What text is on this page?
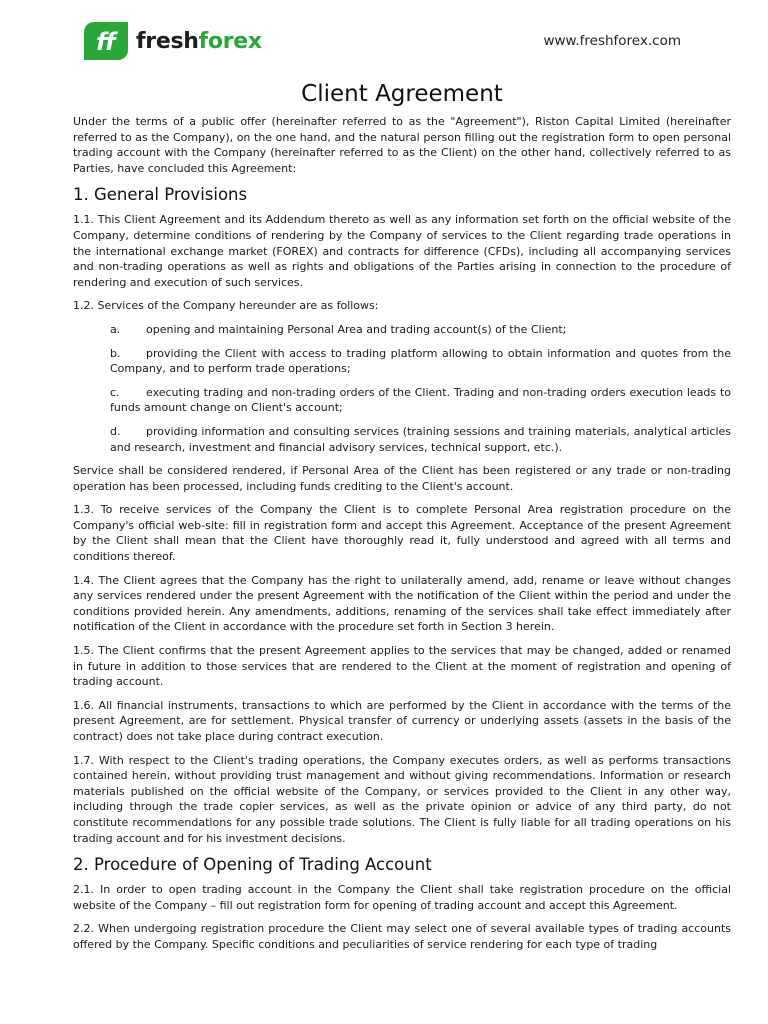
ff freshforex	www.freshforex.com
Client Agreement

Under the terms of a public offer (hereinafter referred to as the "Agreement"), Riston Capital Limited (hereinafter referred to as the Company), on the one hand, and the natural person filling out the registration form to open personal trading account with the Company (hereinafter referred to as the Client) on the other hand, collectively referred to as Parties, have concluded this Agreement:

1. General Provisions

1.1. This Client Agreement and its Addendum thereto as well as any information set forth on the official website of the Company, determine conditions of rendering by the Company of services to the Client regarding trade operations in the international exchange market (FOREX) and contracts for difference (CFDs), including all accompanying services and non-trading operations as well as rights and obligations of the Parties arising in connection to the procedure of rendering and execution of such services.

1.2. Services of the Company hereunder are as follows:

a. opening and maintaining Personal Area and trading account(s) of the Client;
b. providing the Client with access to trading platform allowing to obtain information and quotes from the Company, and to perform trade operations;
c. executing trading and non-trading orders of the Client. Trading and non-trading orders execution leads to funds amount change on Client's account;
d. providing information and consulting services (training sessions and training materials, analytical articles and research, investment and financial advisory services, technical support, etc.).

Service shall be considered rendered, if Personal Area of the Client has been registered or any trade or non-trading operation has been processed, including funds crediting to the Client's account.

1.3. To receive services of the Company the Client is to complete Personal Area registration procedure on the Company's official web-site: fill in registration form and accept this Agreement. Acceptance of the present Agreement by the Client shall mean that the Client have thoroughly read it, fully understood and agreed with all terms and conditions thereof.

1.4. The Client agrees that the Company has the right to unilaterally amend, add, rename or leave without changes any services rendered under the present Agreement with the notification of the Client within the period and under the conditions provided herein. Any amendments, additions, renaming of the services shall take effect immediately after notification of the Client in accordance with the procedure set forth in Section 3 herein.

1.5. The Client confirms that the present Agreement applies to the services that may be changed, added or renamed in future in addition to those services that are rendered to the Client at the moment of registration and opening of trading account.

1.6. All financial instruments, transactions to which are performed by the Client in accordance with the terms of the present Agreement, are for settlement. Physical transfer of currency or underlying assets (assets in the basis of the contract) does not take place during contract execution.

1.7. With respect to the Client's trading operations, the Company executes orders, as well as performs transactions contained herein, without providing trust management and without giving recommendations. Information or research materials published on the official website of the Company, or services provided to the Client in any other way, including through the trade copier services, as well as the private opinion or advice of any third party, do not constitute recommendations for any possible trade solutions. The Client is fully liable for all trading operations on his trading account and for his investment decisions.

2. Procedure of Opening of Trading Account

2.1. In order to open trading account in the Company the Client shall take registration procedure on the official website of the Company – fill out registration form for opening of trading account and accept this Agreement.

2.2. When undergoing registration procedure the Client may select one of several available types of trading accounts offered by the Company. Specific conditions and peculiarities of service rendering for each type of trading
